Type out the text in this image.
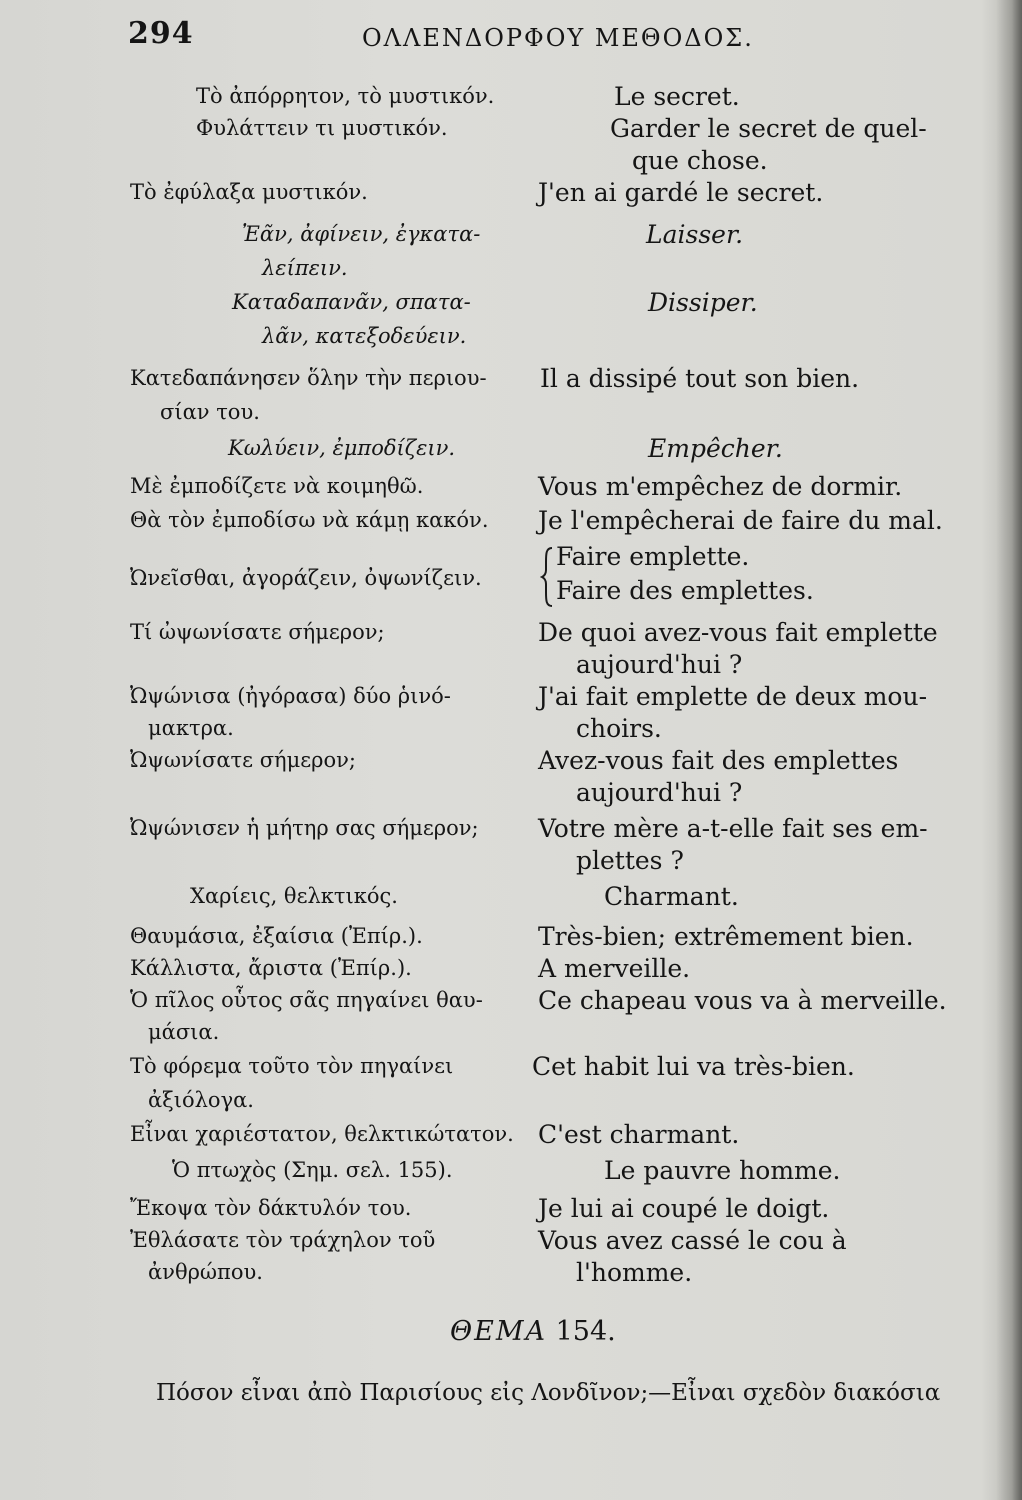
294	ΟΛΛΕΝΔΟΡΦΟΥ ΜΕΘΟΔΟΣ.
Τὸ ἀπόρρητον, τὸ μυστικόν.	Le secret.
Φυλάττειν τι μυστικόν.	Garder le secret de quel-
que chose.
Τὸ ἐφύλαξα μυστικόν.	J'en ai gardé le secret.
Ἐᾶν, ἀφίνειν, ἐγκατα-	Laisser.
λείπειν.
Καταδαπανᾶν, σπατα-	Dissiper.
λᾶν, κατεξοδεύειν.
Κατεδαπάνησεν ὅλην τὴν περιου-	Il a dissipé tout son bien.
σίαν του.
Κωλύειν, ἐμποδίζειν.	Empêcher.
Μὲ ἐμποδίζετε νὰ κοιμηθῶ.	Vous m'empêchez de dormir.
Θὰ τὸν ἐμποδίσω νὰ κάμῃ κακόν.	Je l'empêcherai de faire du mal.
Faire emplette.
Ὠνεῖσθαι, ἀγοράζειν, ὀψωνίζειν.	Faire des emplettes.
Τί ὠψωνίσατε σήμερον;	De quoi avez-vous fait emplette
aujourd'hui ?
Ὠψώνισα (ἠγόρασα) δύο ῥινό-	J'ai fait emplette de deux mou-
μακτρα.	choirs.
Ὠψωνίσατε σήμερον;	Avez-vous fait des emplettes
aujourd'hui ?
Ὠψώνισεν ἡ μήτηρ σας σήμερον;	Votre mère a-t-elle fait ses em-
plettes ?
Χαρίεις, θελκτικός.	Charmant.
Θαυμάσια, ἐξαίσια (Ἐπίρ.).	Très-bien; extrêmement bien.
Κάλλιστα, ἄριστα (Ἐπίρ.).	A merveille.
Ὁ πῖλος οὗτος σᾶς πηγαίνει θαυ-	Ce chapeau vous va à merveille.
μάσια.
Τὸ φόρεμα τοῦτο τὸν πηγαίνει	Cet habit lui va très-bien.
ἀξιόλογα.
Εἶναι χαριέστατον, θελκτικώτατον. C'est charmant.
Ὁ πτωχὸς (Σημ. σελ. 155).	Le pauvre homme.
Ἔκοψα τὸν δάκτυλόν του.	Je lui ai coupé le doigt.
Ἐθλάσατε τὸν τράχηλον τοῦ	Vous avez cassé le cou à
ἀνθρώπου.	l'homme.
ΘΕΜΑ 154.
Πόσον εἶναι ἀπὸ Παρισίους εἰς Λονδῖνον;—Εἶναι σχεδὸν διακόσια
